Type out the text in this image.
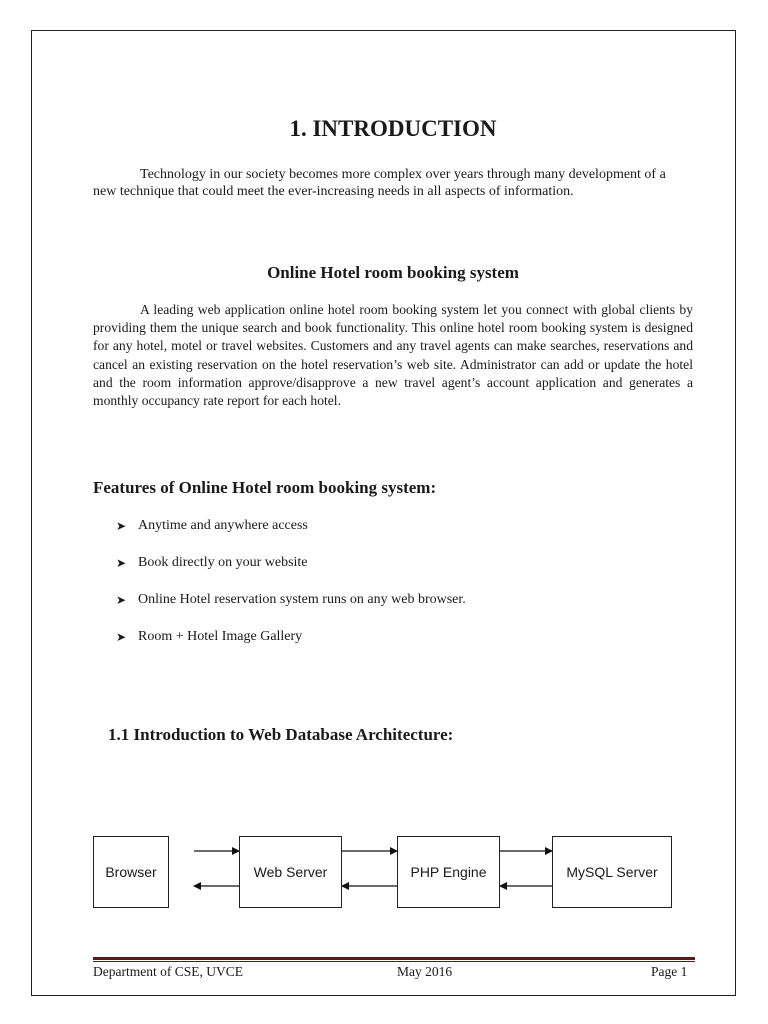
1. INTRODUCTION

Technology in our society becomes more complex over years through many development of a new technique that could meet the ever-increasing needs in all aspects of information.

Online Hotel room booking system

A leading web application online hotel room booking system let you connect with global clients by providing them the unique search and book functionality. This online hotel room booking system is designed for any hotel, motel or travel websites. Customers and any travel agents can make searches, reservations and cancel an existing reservation on the hotel reservation’s web site. Administrator can add or update the hotel and the room information approve/disapprove a new travel agent’s account application and generates a monthly occupancy rate report for each hotel.

Features of Online Hotel room booking system:
➤ Anytime and anywhere access
➤ Book directly on your website
➤ Online Hotel reservation system runs on any web browser.
➤ Room + Hotel Image Gallery
1.1 Introduction to Web Database Architecture:
Browser	Web Server	PHP Engine	MySQL Server
Department of CSE, UVCE	May 2016	Page 1
